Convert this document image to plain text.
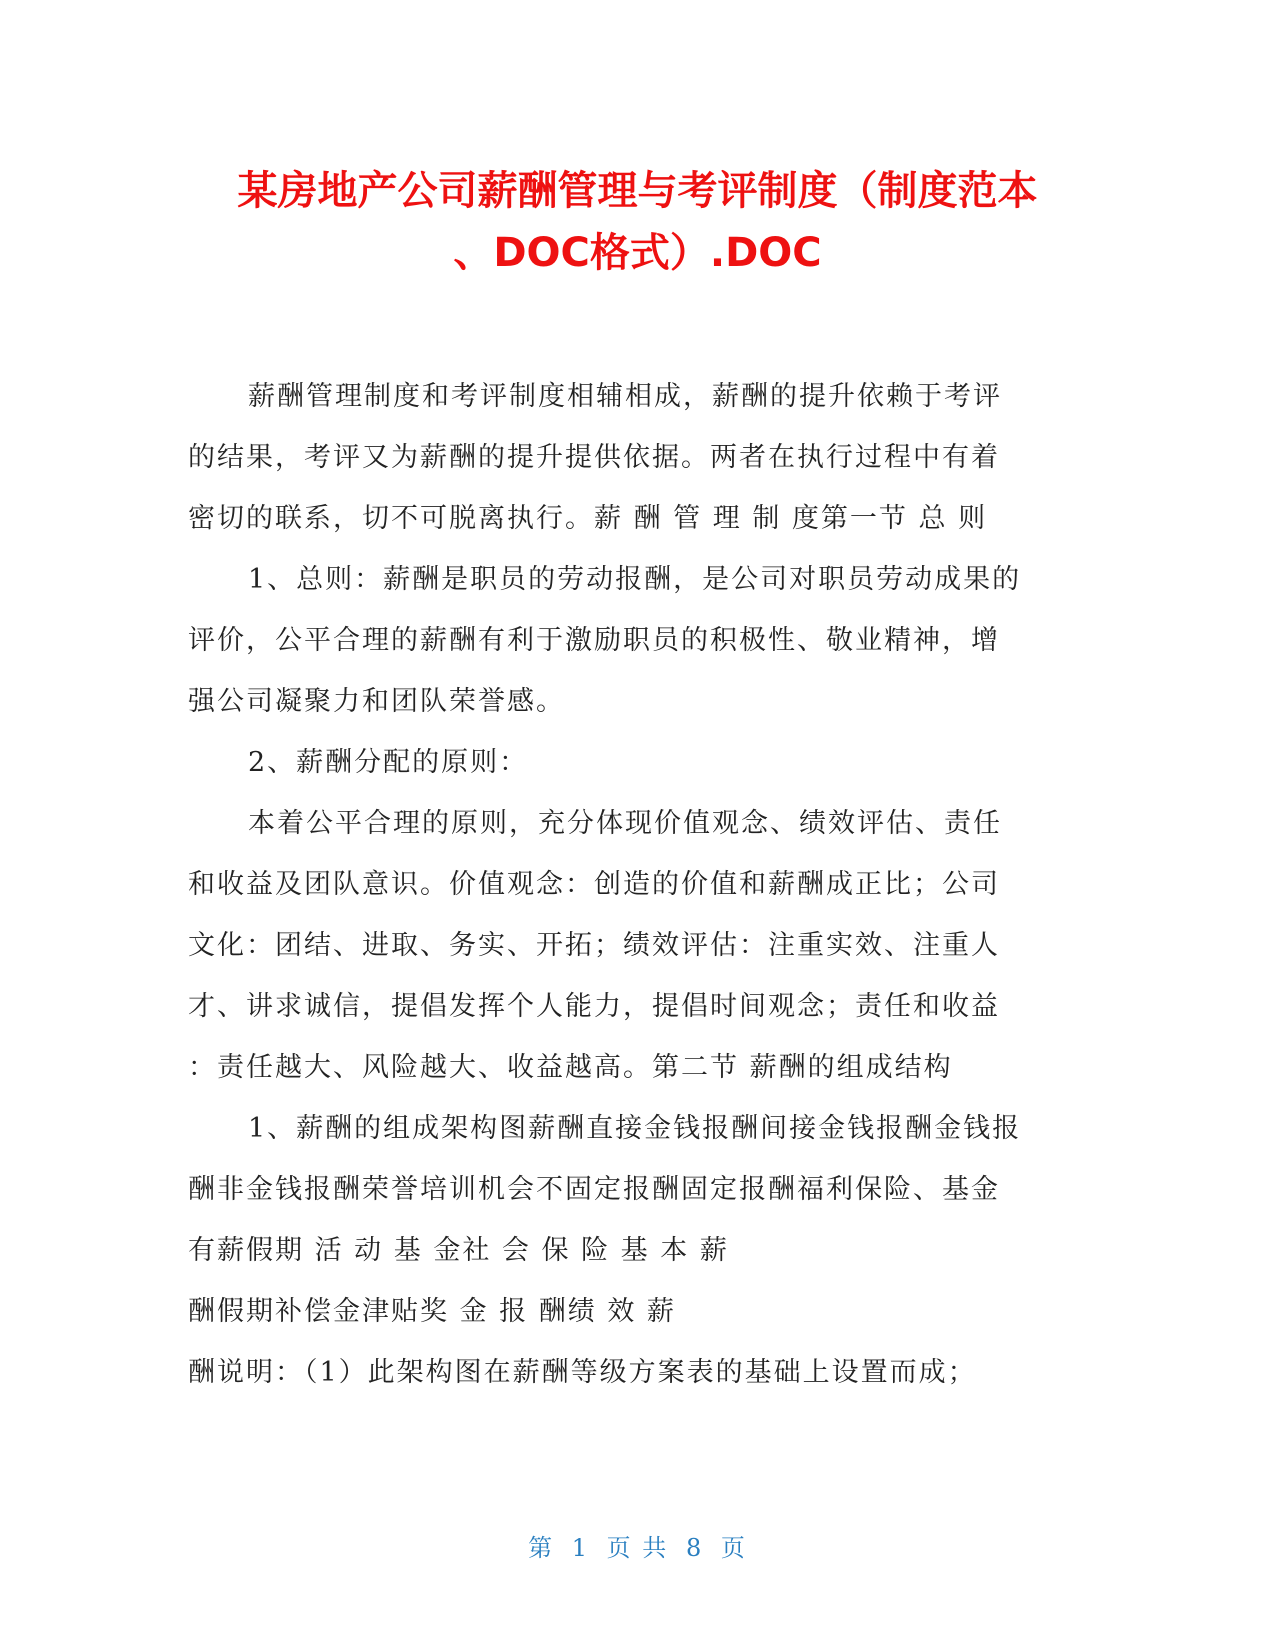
某房地产公司薪酬管理与考评制度（制度范本
、DOC格式）.DOC
薪酬管理制度和考评制度相辅相成，薪酬的提升依赖于考评
的结果，考评又为薪酬的提升提供依据。两者在执行过程中有着
密切的联系，切不可脱离执行。薪 酬 管 理 制 度第一节 总 则
1、总则：薪酬是职员的劳动报酬，是公司对职员劳动成果的
评价，公平合理的薪酬有利于激励职员的积极性、敬业精神，增
强公司凝聚力和团队荣誉感。
2、薪酬分配的原则：
本着公平合理的原则，充分体现价值观念、绩效评估、责任
和收益及团队意识。价值观念：创造的价值和薪酬成正比；公司
文化：团结、进取、务实、开拓；绩效评估：注重实效、注重人
才、讲求诚信，提倡发挥个人能力，提倡时间观念；责任和收益
：责任越大、风险越大、收益越高。第二节 薪酬的组成结构
1、薪酬的组成架构图薪酬直接金钱报酬间接金钱报酬金钱报
酬非金钱报酬荣誉培训机会不固定报酬固定报酬福利保险、基金
有薪假期 活 动 基 金社 会 保 险 基 本 薪
酬假期补偿金津贴奖 金 报 酬绩 效 薪
酬说明：（1）此架构图在薪酬等级方案表的基础上设置而成；
第 1 页 共 8 页
